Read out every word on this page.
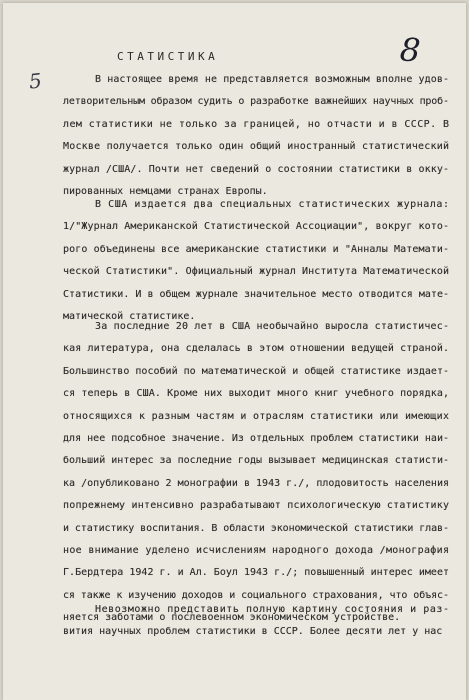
СТАТИСТИКА	8
5	В настоящее время не представляется возможным вполне удов-
летворительным образом судить о разработке важнейших научных проб-
лем статистики не только за границей, но отчасти и в СССР. В
Москве получается только один общий иностранный статистический
журнал /США/. Почти нет сведений о состоянии статистики в окку-
пированных немцами странах Европы.
В США издается два специальных статистических журнала:
1/"Журнал Американской Статистической Ассоциации", вокруг кото-
рого объединены все американские статистики и "Анналы Математи-
ческой Статистики". Официальный журнал Института Математической
Статистики. И в общем журнале значительное место отводится мате-
матической статистике.
За последние 20 лет в США необычайно выросла статистичес-
кая литература, она сделалась в этом отношении ведущей страной.
Большинство пособий по математической и общей статистике издает-
ся теперь в США. Кроме них выходит много книг учебного порядка,
относящихся к разным частям и отраслям статистики или имеющих
для нее подсобное значение. Из отдельных проблем статистики наи-
больший интерес за последние годы вызывает медицинская статисти-
ка /опубликовано 2 монографии в 1943 г./, плодовитость населения
попрежнему интенсивно разрабатывают психологическую статистику
и статистику воспитания. В области экономической статистики глав-
ное внимание уделено исчислениям народного дохода /монография
Г.Бердтера 1942 г. и Ал. Боул 1943 г./; повышенный интерес имеет
ся также к изучению доходов и социального страхования, что объяс-
няется заботами о послевоенном экономическом устройстве.
Невозможно представить полную картину состояния и раз-
вития научных проблем статистики в СССР. Более десяти лет у нас
